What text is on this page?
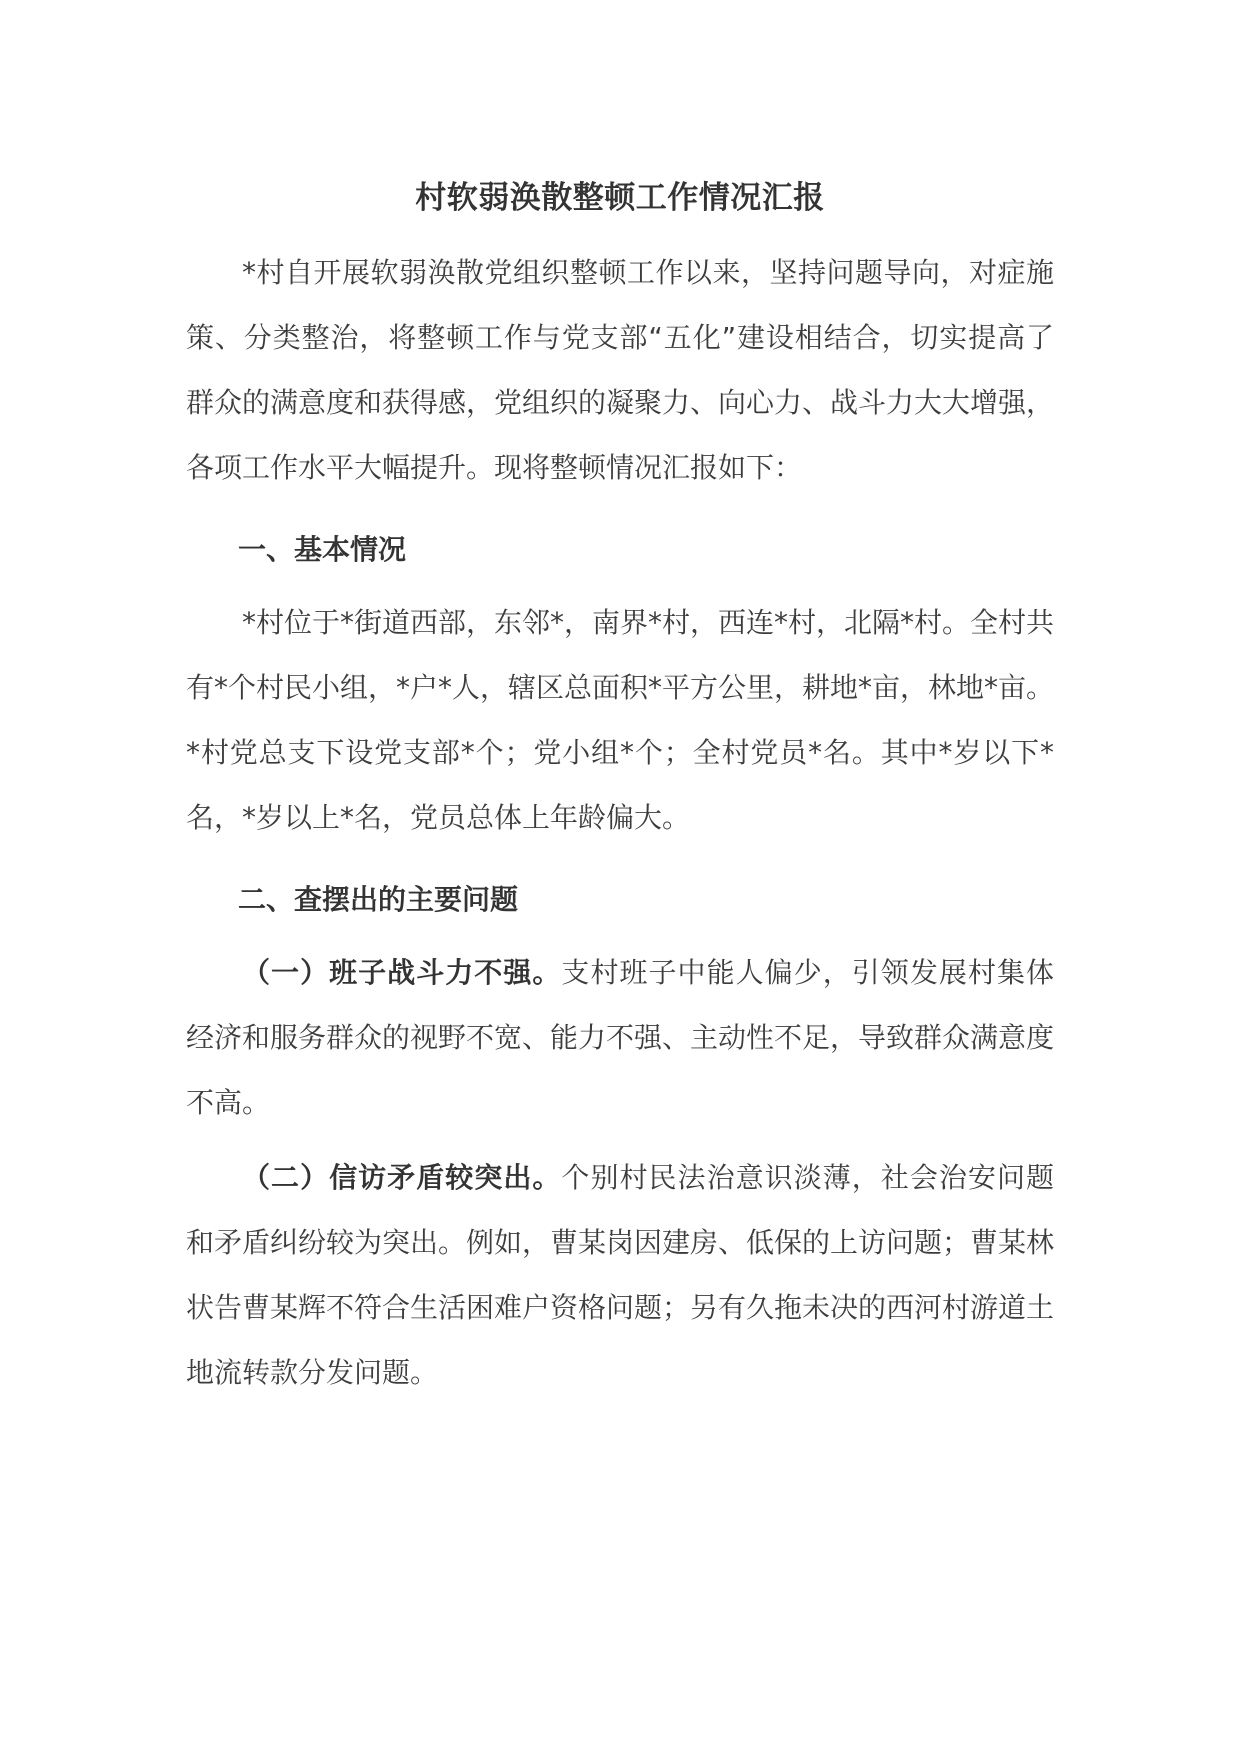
村软弱涣散整顿工作情况汇报

*村自开展软弱涣散党组织整顿工作以来，坚持问题导向，对症施策、分类整治，将整顿工作与党支部“五化”建设相结合，切实提高了群众的满意度和获得感，党组织的凝聚力、向心力、战斗力大大增强，各项工作水平大幅提升。现将整顿情况汇报如下：

一、基本情况

*村位于*街道西部，东邻*，南界*村，西连*村，北隔*村。全村共有*个村民小组，*户*人，辖区总面积*平方公里，耕地*亩，林地*亩。*村党总支下设党支部*个；党小组*个；全村党员*名。其中*岁以下*名，*岁以上*名，党员总体上年龄偏大。

二、查摆出的主要问题

（一）班子战斗力不强。支村班子中能人偏少，引领发展村集体经济和服务群众的视野不宽、能力不强、主动性不足，导致群众满意度不高。

（二）信访矛盾较突出。个别村民法治意识淡薄，社会治安问题和矛盾纠纷较为突出。例如，曹某岗因建房、低保的上访问题；曹某林状告曹某辉不符合生活困难户资格问题；另有久拖未决的西河村游道土地流转款分发问题。
